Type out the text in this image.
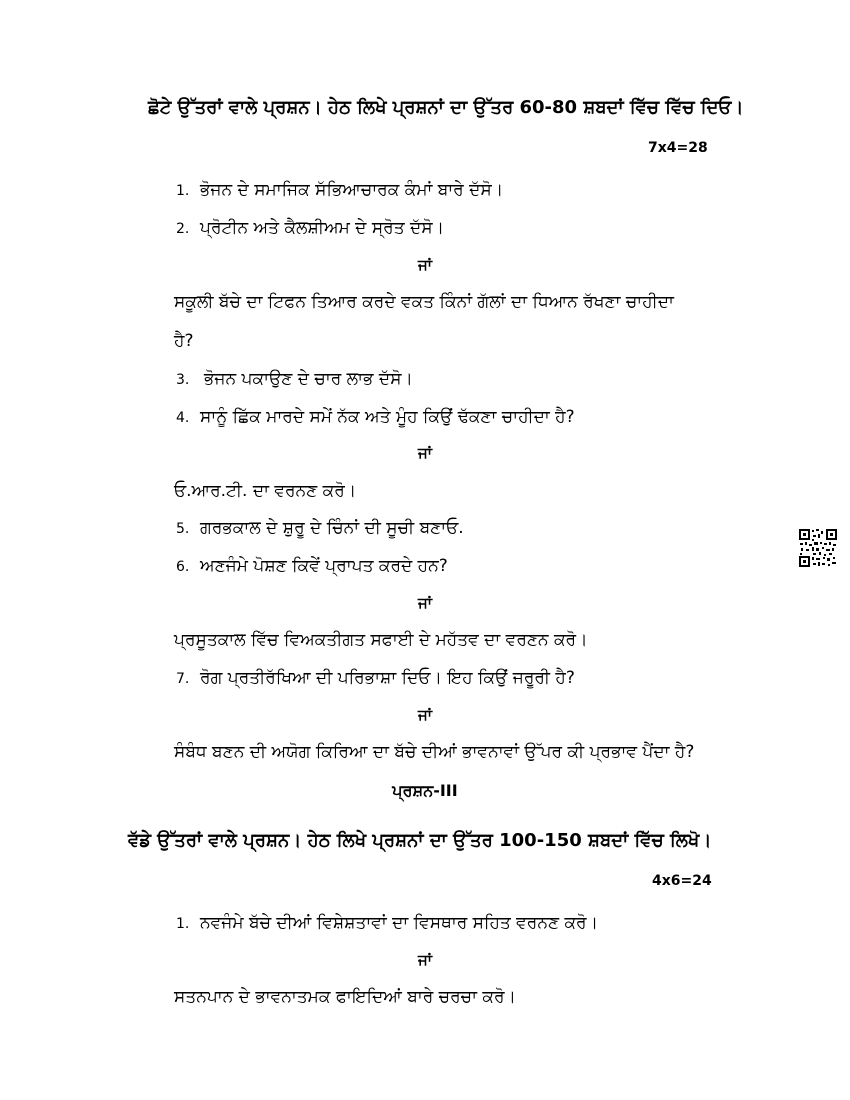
ਛੋਟੇ ਉੱਤਰਾਂ ਵਾਲੇ ਪ੍ਰਸ਼ਨ। ਹੇਠ ਲਿਖੇ ਪ੍ਰਸ਼ਨਾਂ ਦਾ ਉੱਤਰ 60-80 ਸ਼ਬਦਾਂ ਵਿੱਚ ਵਿੱਚ ਦਿਓ।
7x4=28
1. ਭੋਜਨ ਦੇ ਸਮਾਜਿਕ ਸੱਭਿਆਚਾਰਕ ਕੰਮਾਂ ਬਾਰੇ ਦੱਸੋ।
2. ਪ੍ਰੋਟੀਨ ਅਤੇ ਕੈਲਸ਼ੀਅਮ ਦੇ ਸ੍ਰੋਤ ਦੱਸੋ।
ਜਾਂ
ਸਕੂਲੀ ਬੱਚੇ ਦਾ ਟਿਫਨ ਤਿਆਰ ਕਰਦੇ ਵਕਤ ਕਿੰਨਾਂ ਗੱਲਾਂ ਦਾ ਧਿਆਨ ਰੱਖਣਾ ਚਾਹੀਦਾ
ਹੈ?
3. ਭੋਜਨ ਪਕਾਉਣ ਦੇ ਚਾਰ ਲਾਭ ਦੱਸੋ।
4. ਸਾਨੂੰ ਛਿੱਕ ਮਾਰਦੇ ਸਮੇਂ ਨੱਕ ਅਤੇ ਮੂੰਹ ਕਿਉਂ ਢੱਕਣਾ ਚਾਹੀਦਾ ਹੈ?
ਜਾਂ
ਓ.ਆਰ.ਟੀ. ਦਾ ਵਰਨਣ ਕਰੋ।
5. ਗਰਭਕਾਲ ਦੇ ਸ਼ੁਰੂ ਦੇ ਚਿੰਨਾਂ ਦੀ ਸੂਚੀ ਬਣਾਓ.
6. ਅਣਜੰਮੇ ਪੋਸ਼ਣ ਕਿਵੇਂ ਪ੍ਰਾਪਤ ਕਰਦੇ ਹਨ?
ਜਾਂ
ਪ੍ਰਸੂਤਕਾਲ ਵਿੱਚ ਵਿਅਕਤੀਗਤ ਸਫਾਈ ਦੇ ਮਹੱਤਵ ਦਾ ਵਰਣਨ ਕਰੋ।
7. ਰੋਗ ਪ੍ਰਤੀਰੱਖਿਆ ਦੀ ਪਰਿਭਾਸ਼ਾ ਦਿਓ। ਇਹ ਕਿਉਂ ਜਰੂਰੀ ਹੈ?
ਜਾਂ
ਸੰਬੰਧ ਬਣਨ ਦੀ ਅਯੋਗ ਕਿਰਿਆ ਦਾ ਬੱਚੇ ਦੀਆਂ ਭਾਵਨਾਵਾਂ ਉੱਪਰ ਕੀ ਪ੍ਰਭਾਵ ਪੈਂਦਾ ਹੈ?
ਪ੍ਰਸ਼ਨ-III
ਵੱਡੇ ਉੱਤਰਾਂ ਵਾਲੇ ਪ੍ਰਸ਼ਨ। ਹੇਠ ਲਿਖੇ ਪ੍ਰਸ਼ਨਾਂ ਦਾ ਉੱਤਰ 100-150 ਸ਼ਬਦਾਂ ਵਿੱਚ ਲਿਖੋ।
4x6=24
1. ਨਵਜੰਮੇ ਬੱਚੇ ਦੀਆਂ ਵਿਸ਼ੇਸ਼ਤਾਵਾਂ ਦਾ ਵਿਸਥਾਰ ਸਹਿਤ ਵਰਨਣ ਕਰੋ।
ਜਾਂ
ਸਤਨਪਾਨ ਦੇ ਭਾਵਨਾਤਮਕ ਫਾਇਦਿਆਂ ਬਾਰੇ ਚਰਚਾ ਕਰੋ।
